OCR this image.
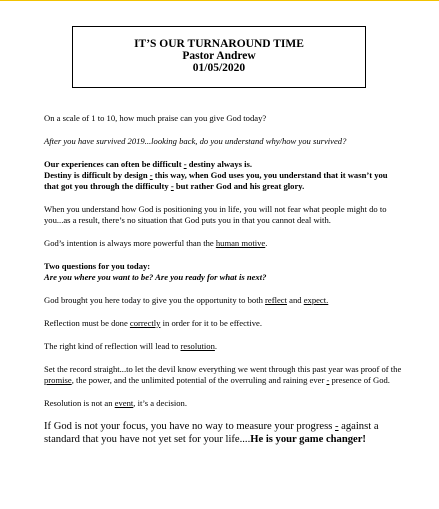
IT’S OUR TURNAROUND TIME
Pastor Andrew
01/05/2020

On a scale of 1 to 10, how much praise can you give God today?

After you have survived 2019...looking back, do you understand why/how you survived?

Our experiences can often be difficult - destiny always is.
Destiny is difficult by design - this way, when God uses you, you understand that it wasn’t you that got you through the difficulty - but rather God and his great glory.

When you understand how God is positioning you in life, you will not fear what people might do to you...as a result, there’s no situation that God puts you in that you cannot deal with.

God’s intention is always more powerful than the human motive.

Two questions for you today:
Are you where you want to be? Are you ready for what is next?

God brought you here today to give you the opportunity to both reflect and expect.

Reflection must be done correctly in order for it to be effective.

The right kind of reflection will lead to resolution.

Set the record straight...to let the devil know everything we went through this past year was proof of the promise, the power, and the unlimited potential of the overruling and raining ever - presence of God.

Resolution is not an event, it’s a decision.

If God is not your focus, you have no way to measure your progress - against a standard that you have not yet set for your life....He is your game changer!
